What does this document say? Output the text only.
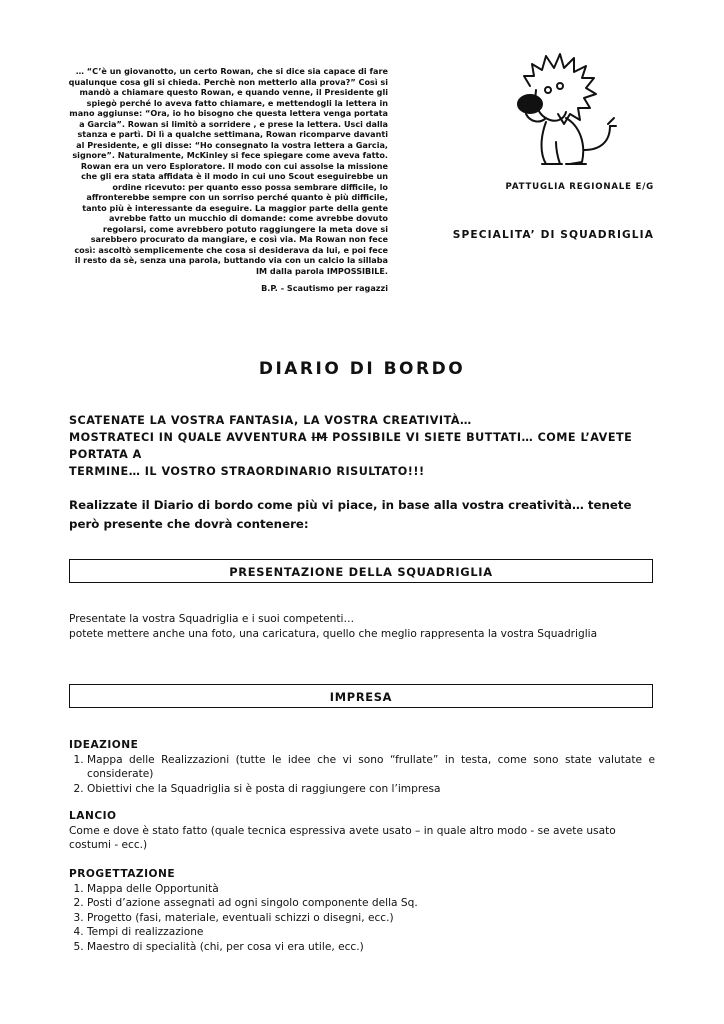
… “C’è un giovanotto, un certo Rowan, che si dice sia capace di fare

qualunque cosa gli si chieda. Perchè non metterlo alla prova?” Così si

mandò a chiamare questo Rowan, e quando venne, il Presidente gli

spiegò perché lo aveva fatto chiamare, e mettendogli la lettera in

mano aggiunse: “Ora, io ho bisogno che questa lettera venga portata

a Garcia”. Rowan si limitò a sorridere , e prese la lettera. Usci dalla

stanza e partì. Di lì a qualche settimana, Rowan ricomparve davanti

al Presidente, e gli disse: “Ho consegnato la vostra lettera a Garcia,

signore”. Naturalmente, McKinley si fece spiegare come aveva fatto.

Rowan era un vero Esploratore. Il modo con cui assolse la missione

che gli era stata affidata è il modo in cui uno Scout eseguirebbe un

ordine ricevuto: per quanto esso possa sembrare difficile, lo

affronterebbe sempre con un sorriso perché quanto è più difficile,

tanto più è interessante da eseguire. La maggior parte della gente

avrebbe fatto un mucchio di domande: come avrebbe dovuto

regolarsi, come avrebbero potuto raggiungere la meta dove si

sarebbero procurato da mangiare, e così via. Ma Rowan non fece

così: ascoltò semplicemente che cosa si desiderava da lui, e poi fece

il resto da sè, senza una parola, buttando via con un calcio la sillaba

IM dalla parola IMPOSSIBILE.

B.P. - Scautismo per ragazzi

PATTUGLIA REGIONALE E/G
SPECIALITA’ DI SQUADRIGLIA
DIARIO DI BORDO

SCATENATE LA VOSTRA FANTASIA, LA VOSTRA CREATIVITÀ…

MOSTRATECI IN QUALE AVVENTURA IM POSSIBILE VI SIETE BUTTATI… COME L’AVETE PORTATA A

TERMINE… IL VOSTRO STRAORDINARIO RISULTATO!!!

Realizzate il Diario di bordo come più vi piace, in base alla vostra creatività… tenete però presente che dovrà contenere:
PRESENTAZIONE DELLA SQUADRIGLIA

Presentate la vostra Squadriglia e i suoi competenti…

potete mettere anche una foto, una caricatura, quello che meglio rappresenta la vostra Squadriglia

IMPRESA

IDEAZIONE

1. Mappa delle Realizzazioni (tutte le idee che vi sono “frullate” in testa, come sono state valutate e considerate)
2. Obiettivi che la Squadriglia si è posta di raggiungere con l’impresa

LANCIO

Come e dove è stato fatto (quale tecnica espressiva avete usato – in quale altro modo - se avete usato costumi - ecc.)

PROGETTAZIONE

1. Mappa delle Opportunità
2. Posti d’azione assegnati ad ogni singolo componente della Sq.
3. Progetto (fasi, materiale, eventuali schizzi o disegni, ecc.)
4. Tempi di realizzazione
5. Maestro di specialità (chi, per cosa vi era utile, ecc.)
